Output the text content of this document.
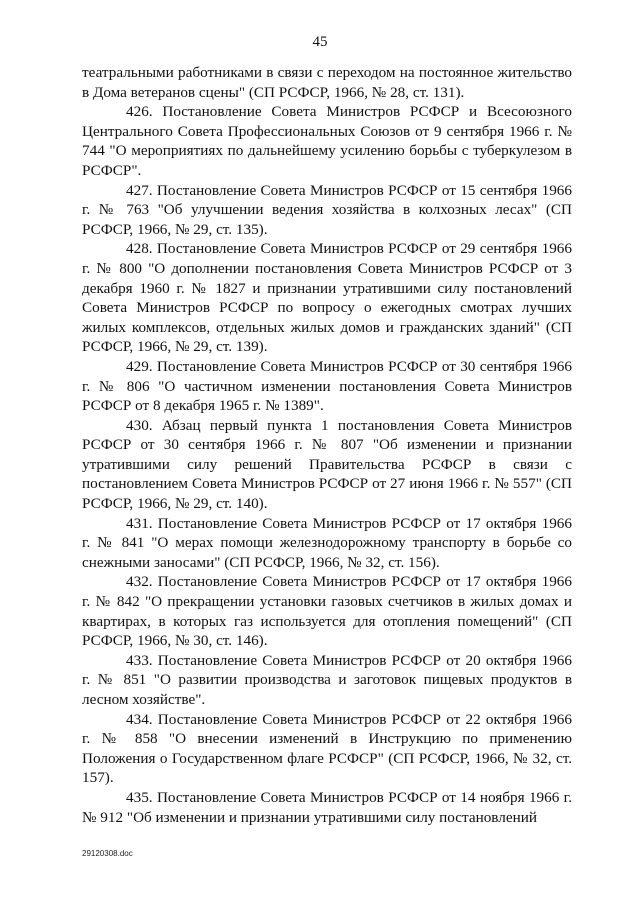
45

театральными работниками в связи с переходом на постоянное жительство в Дома ветеранов сцены" (СП РСФСР, 1966, № 28, ст. 131).

426. Постановление Совета Министров РСФСР и Всесоюзного Центрального Совета Профессиональных Союзов от 9 сентября 1966 г. № 744 "О мероприятиях по дальнейшему усилению борьбы с туберкулезом в РСФСР".

427. Постановление Совета Министров РСФСР от 15 сентября 1966 г. № 763 "Об улучшении ведения хозяйства в колхозных лесах" (СП РСФСР, 1966, № 29, ст. 135).

428. Постановление Совета Министров РСФСР от 29 сентября 1966 г. № 800 "О дополнении постановления Совета Министров РСФСР от 3 декабря 1960 г. № 1827 и признании утратившими силу постановлений Совета Министров РСФСР по вопросу о ежегодных смотрах лучших жилых комплексов, отдельных жилых домов и гражданских зданий" (СП РСФСР, 1966, № 29, ст. 139).

429. Постановление Совета Министров РСФСР от 30 сентября 1966 г. № 806 "О частичном изменении постановления Совета Министров РСФСР от 8 декабря 1965 г. № 1389".

430. Абзац первый пункта 1 постановления Совета Министров РСФСР от 30 сентября 1966 г. № 807 "Об изменении и признании утратившими силу решений Правительства РСФСР в связи с постановлением Совета Министров РСФСР от 27 июня 1966 г. № 557" (СП РСФСР, 1966, № 29, ст. 140).

431. Постановление Совета Министров РСФСР от 17 октября 1966 г. № 841 "О мерах помощи железнодорожному транспорту в борьбе со снежными заносами" (СП РСФСР, 1966, № 32, ст. 156).

432. Постановление Совета Министров РСФСР от 17 октября 1966 г. № 842 "О прекращении установки газовых счетчиков в жилых домах и квартирах, в которых газ используется для отопления помещений" (СП РСФСР, 1966, № 30, ст. 146).

433. Постановление Совета Министров РСФСР от 20 октября 1966 г. № 851 "О развитии производства и заготовок пищевых продуктов в лесном хозяйстве".

434. Постановление Совета Министров РСФСР от 22 октября 1966 г. № 858 "О внесении изменений в Инструкцию по применению Положения о Государственном флаге РСФСР" (СП РСФСР, 1966, № 32, ст. 157).

435. Постановление Совета Министров РСФСР от 14 ноября 1966 г. № 912 "Об изменении и признании утратившими силу постановлений

29120308.doc
